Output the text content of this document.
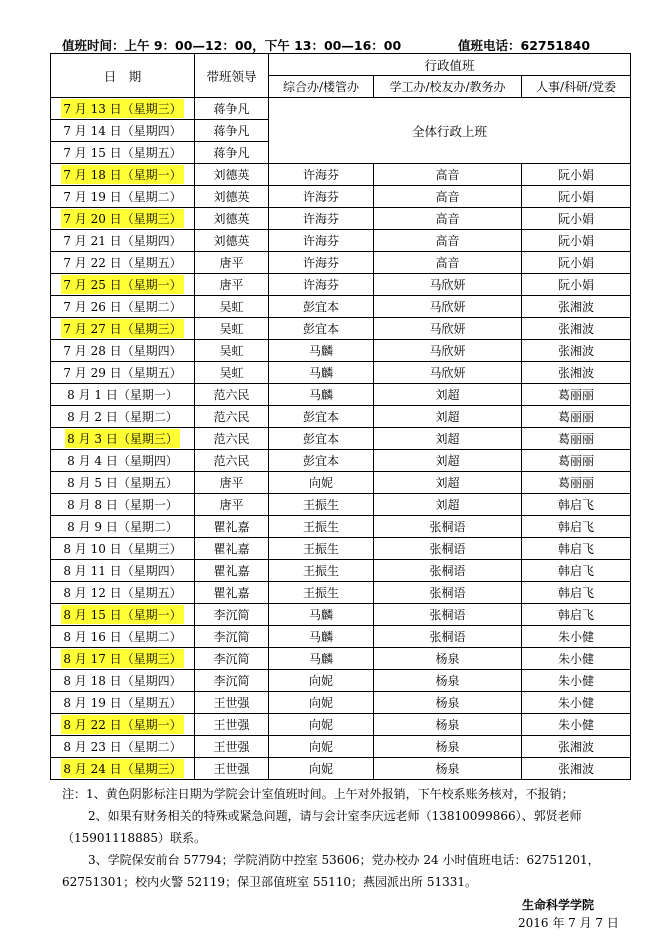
值班时间：上午 9：00—12：00，下午 13：00—16：00	值班电话：62751840
日　期	带班领导	行政值班		
		综合办/楼管办	学工办/校友办/教务办	人事/科研/党委
7 月 13 日（星期三）	蒋争凡	全体行政上班		
7 月 14 日（星期四）	蒋争凡			
7 月 15 日（星期五）	蒋争凡			
7 月 18 日（星期一）	刘德英	许海芬	高音	阮小娟
7 月 19 日（星期二）	刘德英	许海芬	高音	阮小娟
7 月 20 日（星期三）	刘德英	许海芬	高音	阮小娟
7 月 21 日（星期四）	刘德英	许海芬	高音	阮小娟
7 月 22 日（星期五）	唐平	许海芬	高音	阮小娟
7 月 25 日（星期一）	唐平	许海芬	马欣妍	阮小娟
7 月 26 日（星期二）	吴虹	彭宜本	马欣妍	张湘波
7 月 27 日（星期三）	吴虹	彭宜本	马欣妍	张湘波
7 月 28 日（星期四）	吴虹	马麟	马欣妍	张湘波
7 月 29 日（星期五）	吴虹	马麟	马欣妍	张湘波
8 月 1 日（星期一）	范六民	马麟	刘超	葛丽丽
8 月 2 日（星期二）	范六民	彭宜本	刘超	葛丽丽
8 月 3 日（星期三）	范六民	彭宜本	刘超	葛丽丽
8 月 4 日（星期四）	范六民	彭宜本	刘超	葛丽丽
8 月 5 日（星期五）	唐平	向妮	刘超	葛丽丽
8 月 8 日（星期一）	唐平	王振生	刘超	韩启飞
8 月 9 日（星期二）	瞿礼嘉	王振生	张桐语	韩启飞
8 月 10 日（星期三）	瞿礼嘉	王振生	张桐语	韩启飞
8 月 11 日（星期四）	瞿礼嘉	王振生	张桐语	韩启飞
8 月 12 日（星期五）	瞿礼嘉	王振生	张桐语	韩启飞
8 月 15 日（星期一）	李沉简	马麟	张桐语	韩启飞
8 月 16 日（星期二）	李沉简	马麟	张桐语	朱小健
8 月 17 日（星期三）	李沉简	马麟	杨泉	朱小健
8 月 18 日（星期四）	李沉简	向妮	杨泉	朱小健
8 月 19 日（星期五）	王世强	向妮	杨泉	朱小健
8 月 22 日（星期一）	王世强	向妮	杨泉	朱小健
8 月 23 日（星期二）	王世强	向妮	杨泉	张湘波
8 月 24 日（星期三）	王世强	向妮	杨泉	张湘波

注：1、黄色阴影标注日期为学院会计室值班时间。上午对外报销，下午校系账务核对，不报销；

2、如果有财务相关的特殊或紧急问题，请与会计室李庆远老师（13810099866）、郭贤老师

（15901118885）联系。

3、学院保安前台 57794；学院消防中控室 53606；党办校办 24 小时值班电话：62751201，

62751301；校内火警 52119；保卫部值班室 55110；燕园派出所 51331。

生命科学学院
2016 年 7 月 7 日
